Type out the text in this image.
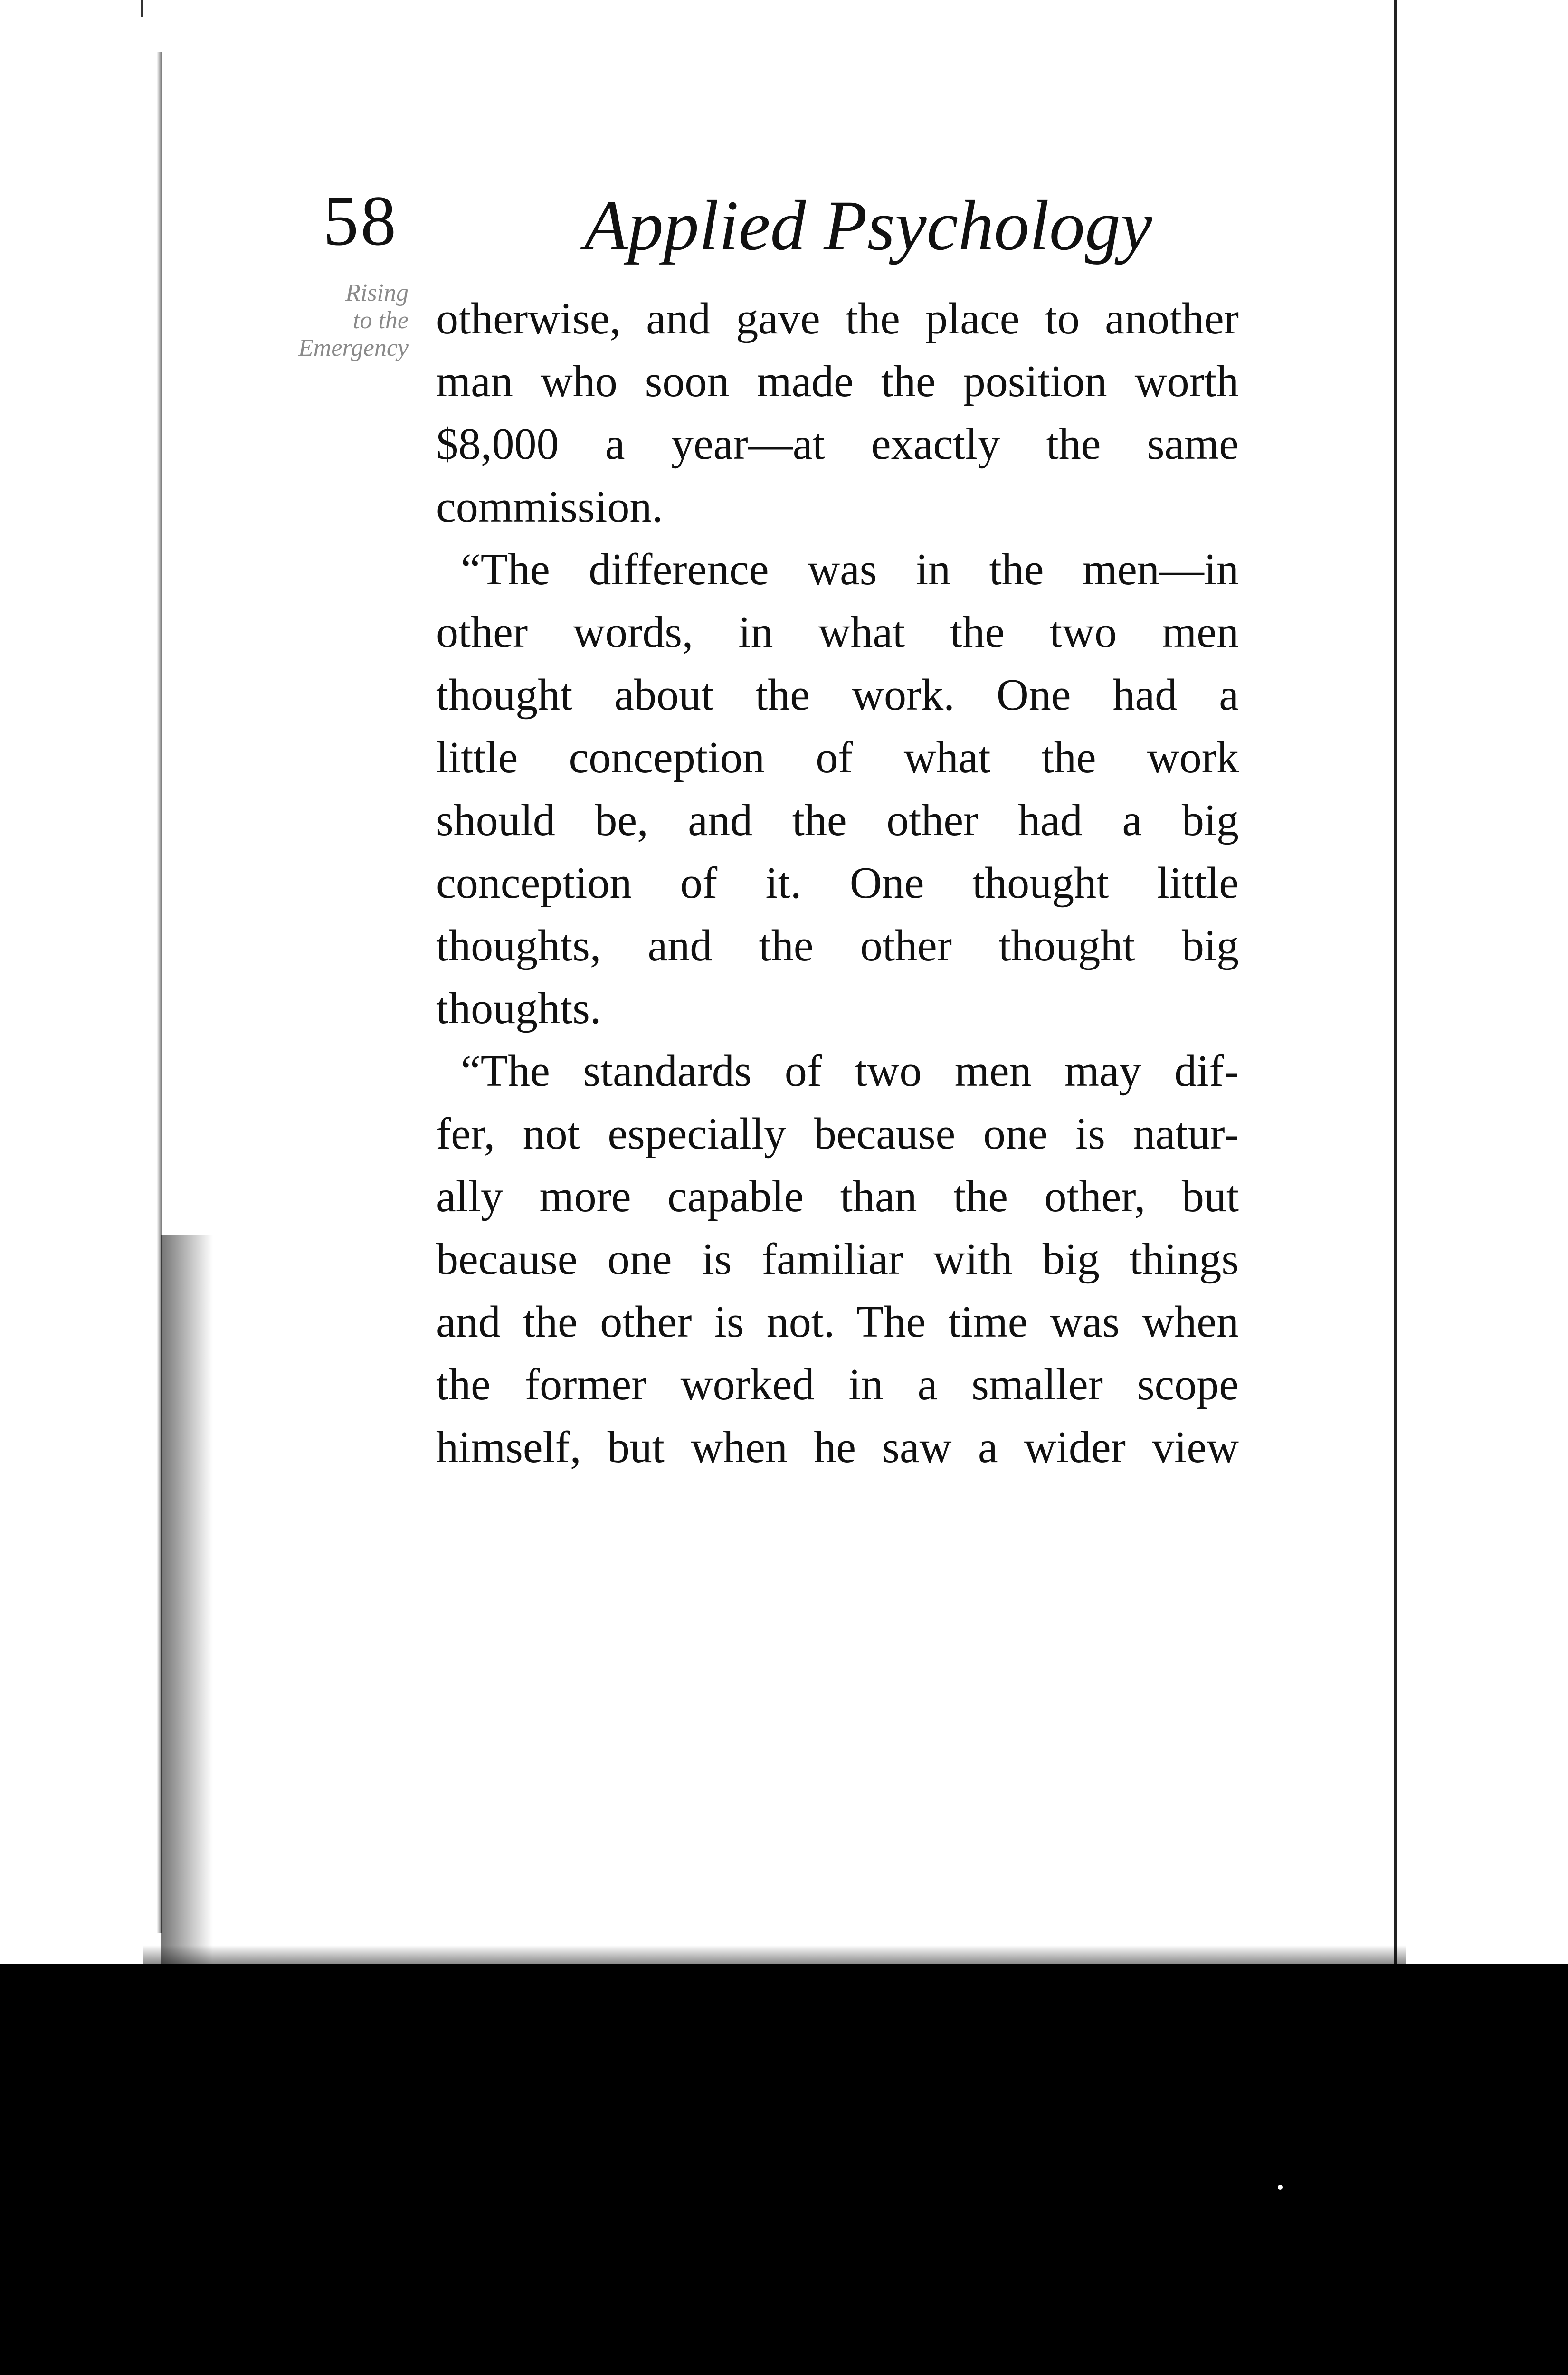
58	Applied Psychology
Rising
to the
Emergency
otherwise, and gave the place to another
man who soon made the position worth
$8,000 a year—at exactly the same
commission.
“The difference was in the men—in
other words, in what the two men
thought about the work. One had a
little conception of what the work
should be, and the other had a big
conception of it. One thought little
thoughts, and the other thought big
thoughts.
“The standards of two men may dif-
fer, not especially because one is natur-
ally more capable than the other, but
because one is familiar with big things
and the other is not. The time was when
the former worked in a smaller scope
himself, but when he saw a wider view
